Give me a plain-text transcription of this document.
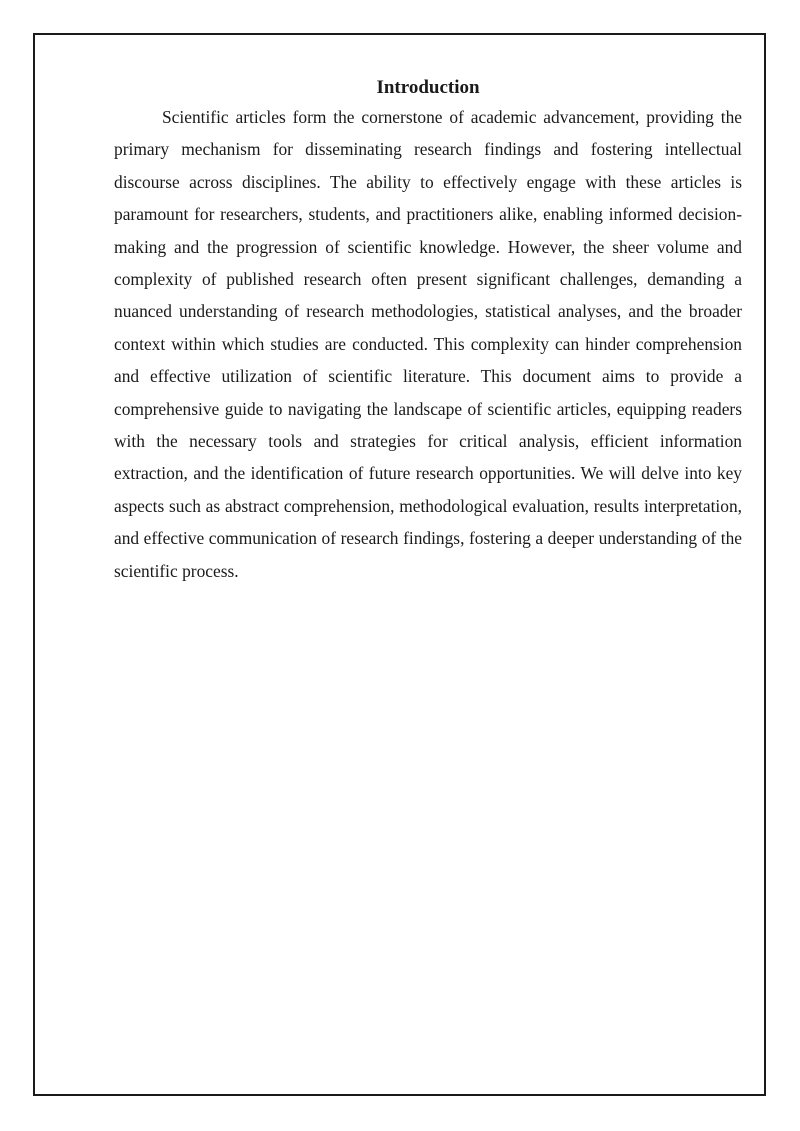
Introduction

Scientific articles form the cornerstone of academic advancement, providing the primary mechanism for disseminating research findings and fostering intellectual discourse across disciplines. The ability to effectively engage with these articles is paramount for researchers, students, and practitioners alike, enabling informed decision-making and the progression of scientific knowledge. However, the sheer volume and complexity of published research often present significant challenges, demanding a nuanced understanding of research methodologies, statistical analyses, and the broader context within which studies are conducted. This complexity can hinder comprehension and effective utilization of scientific literature. This document aims to provide a comprehensive guide to navigating the landscape of scientific articles, equipping readers with the necessary tools and strategies for critical analysis, efficient information extraction, and the identification of future research opportunities. We will delve into key aspects such as abstract comprehension, methodological evaluation, results interpretation, and effective communication of research findings, fostering a deeper understanding of the scientific process.
